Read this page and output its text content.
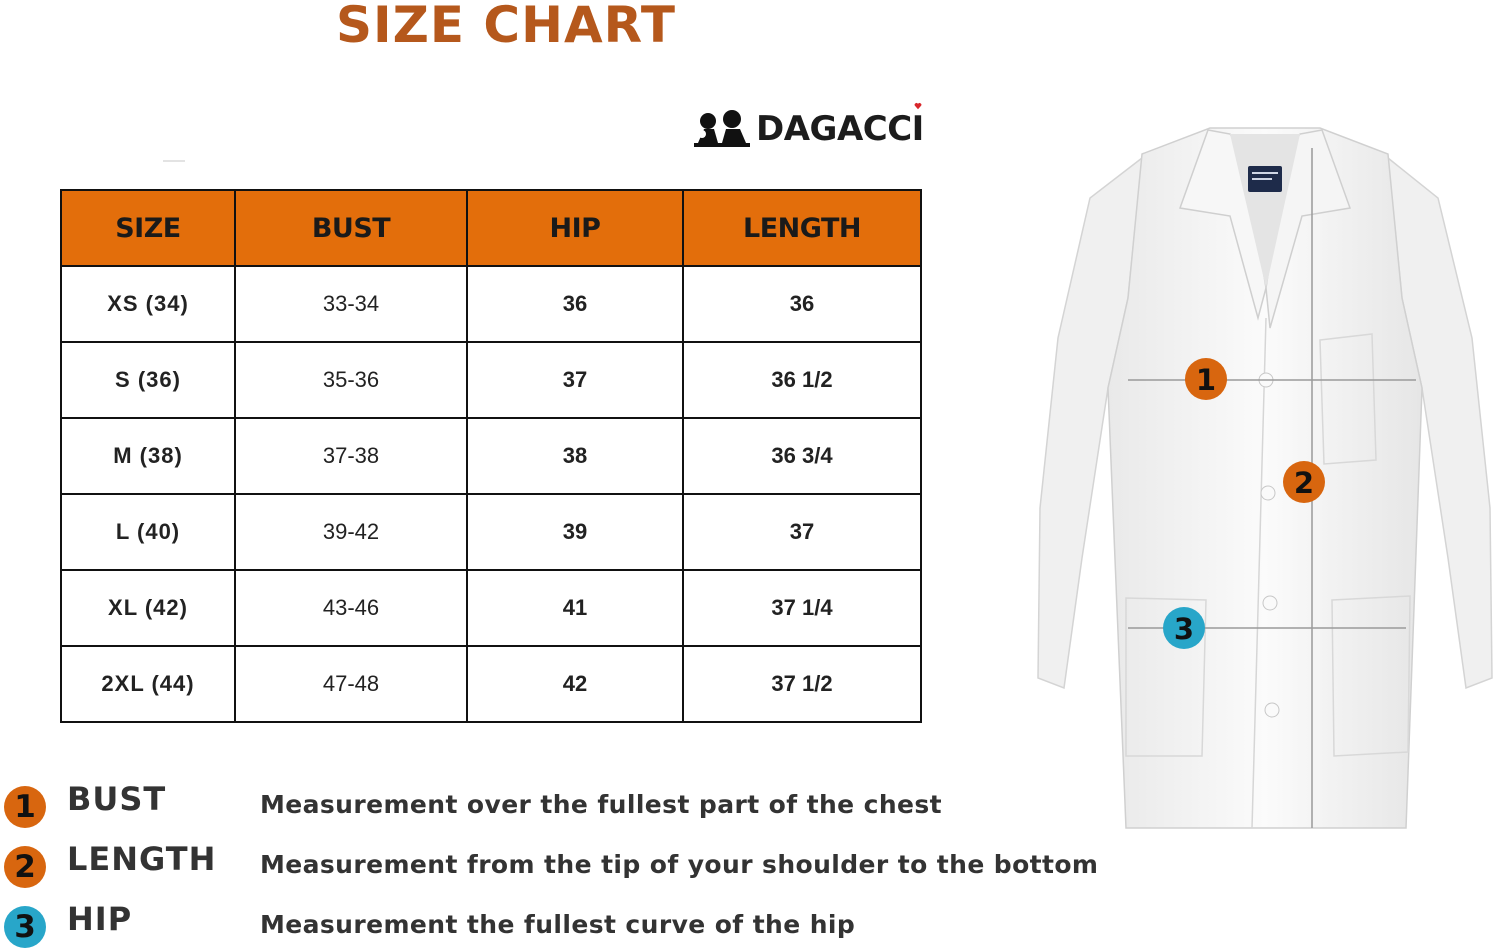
SIZE CHART
DAGACCI
SIZE	BUST	HIP	LENGTH
XS (34)	33-34	36	36
S (36)	35-36	37	36 1/2
M (38)	37-38	38	36 3/4
L (40)	39-42	39	37
XL (42)	43-46	41	37 1/4
2XL (44)	47-48	42	37 1/2
1
2
3
1 BUST	Measurement over the fullest part of the chest
2 LENGTH Measurement from the tip of your shoulder to the bottom
3 HIP	Measurement the fullest curve of the hip
